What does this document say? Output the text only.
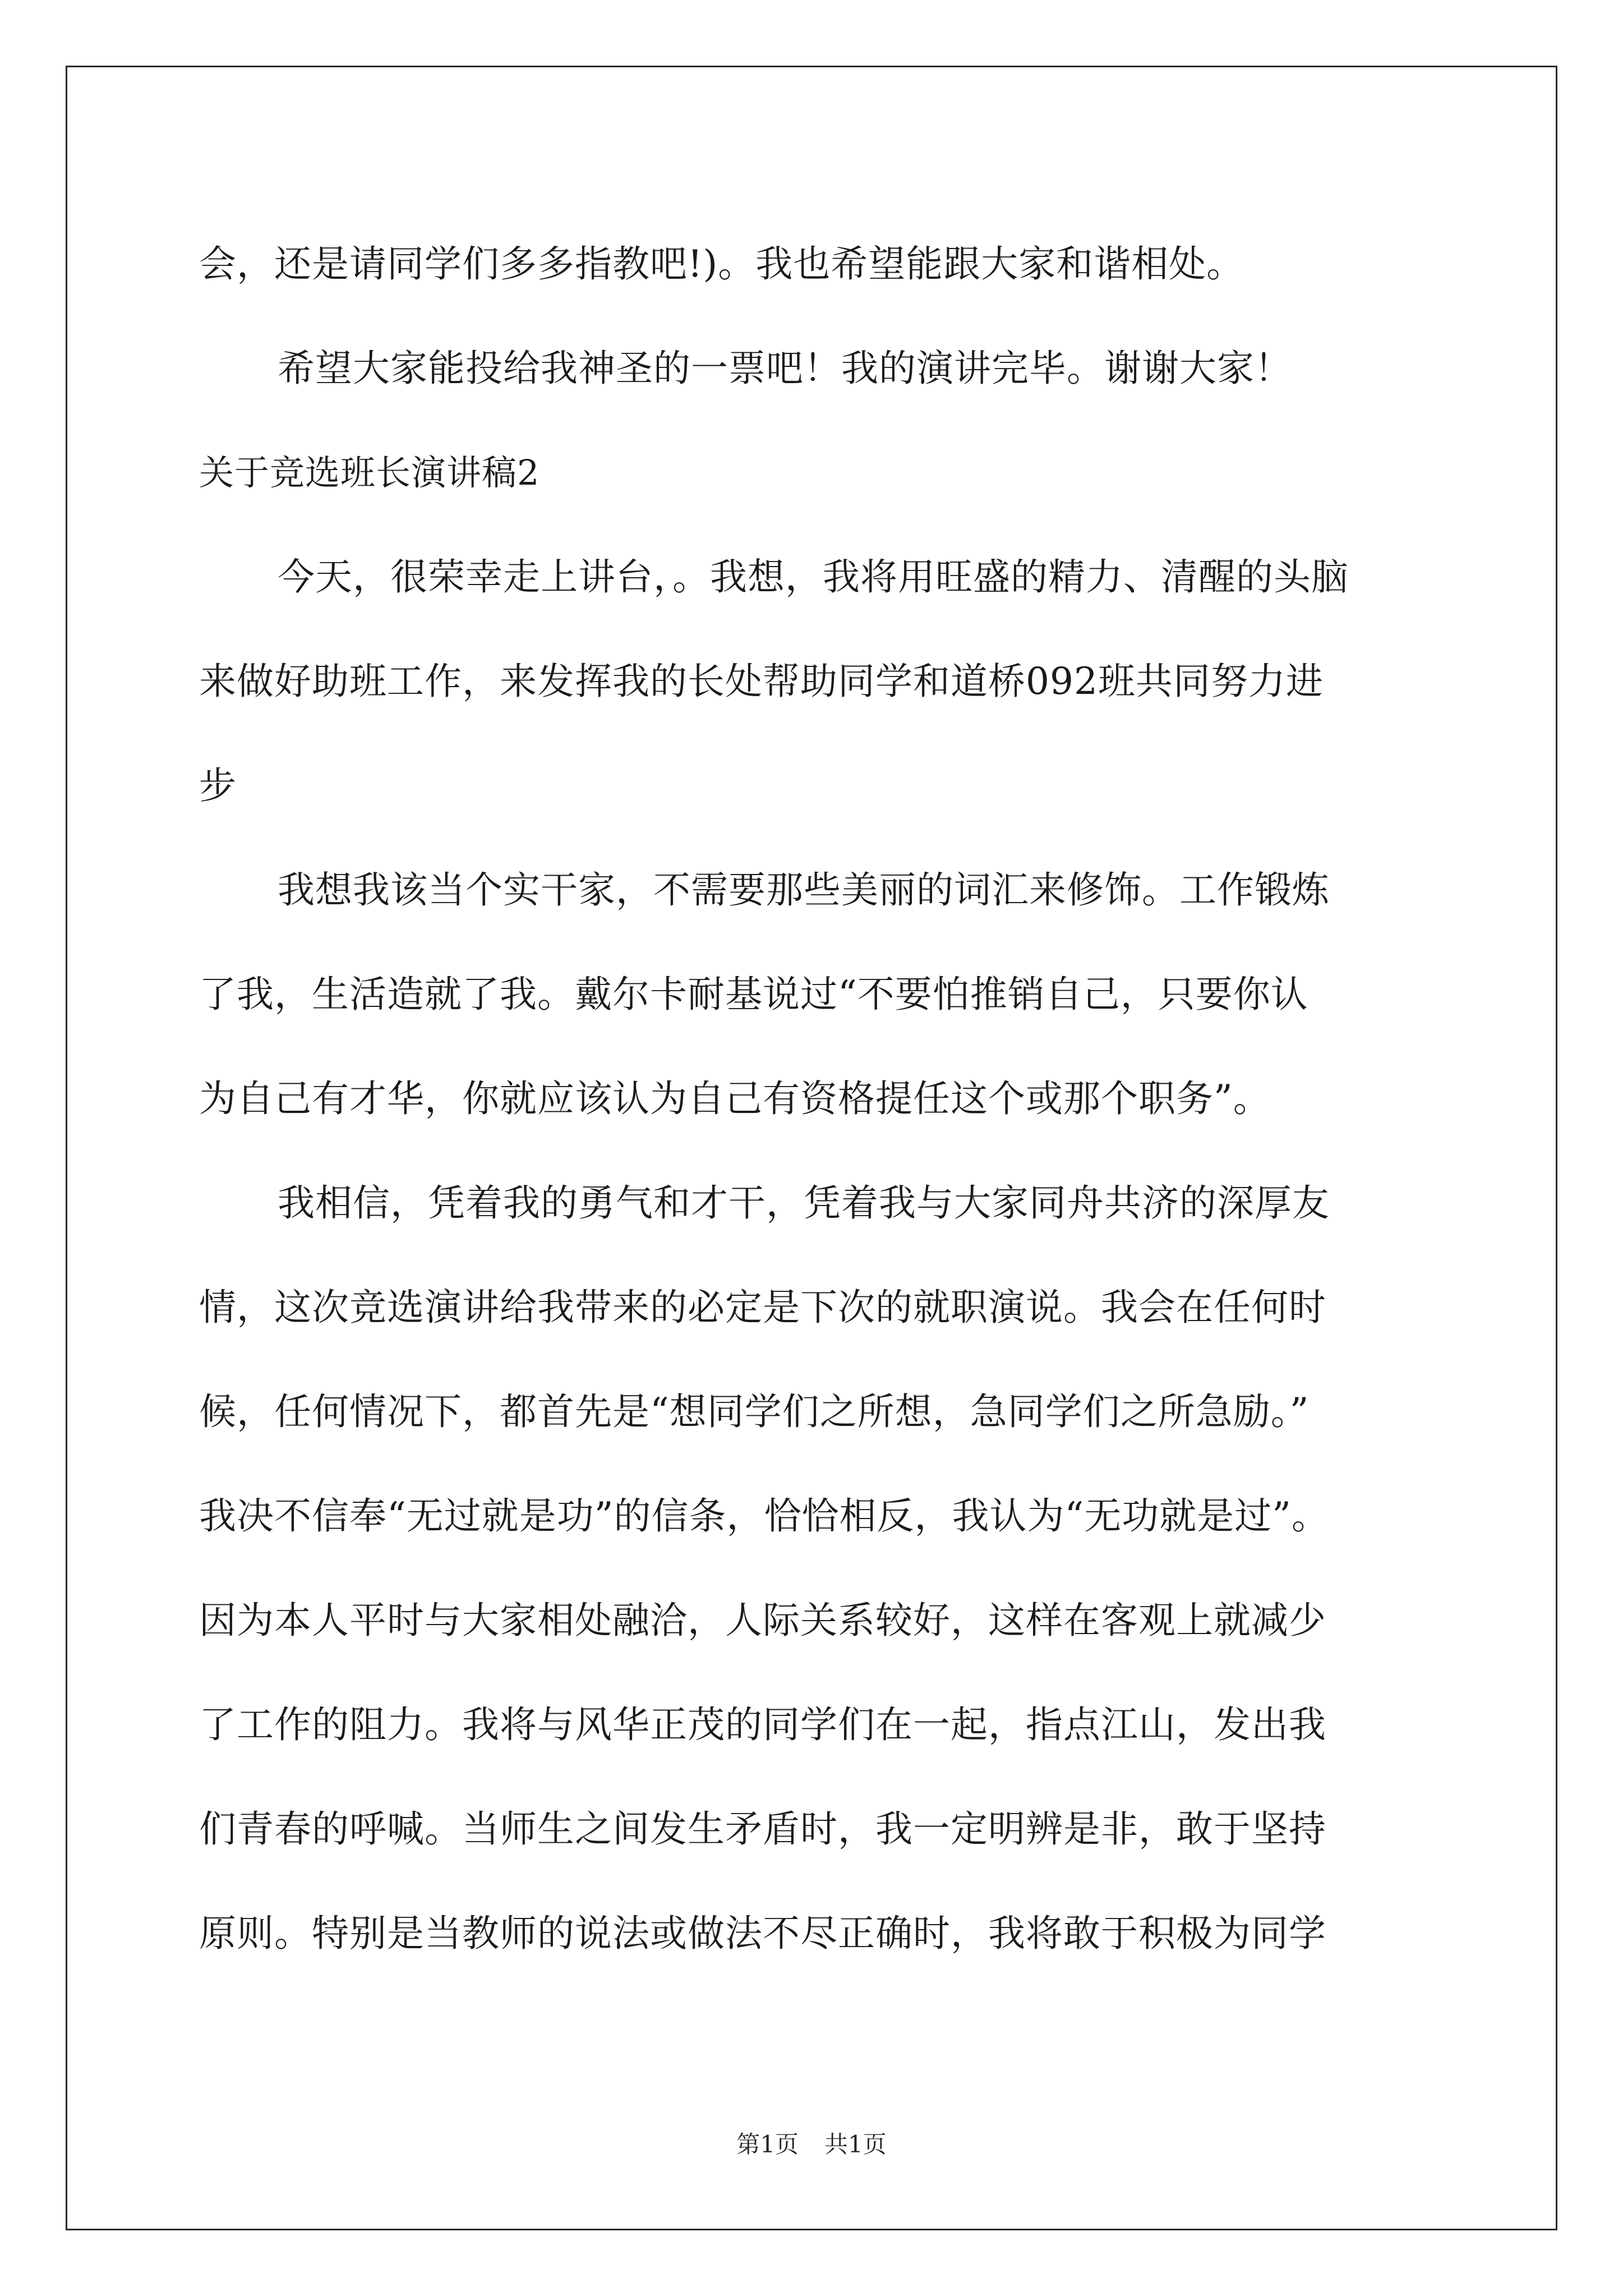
会，还是请同学们多多指教吧!)。我也希望能跟大家和谐相处。
希望大家能投给我神圣的一票吧！我的演讲完毕。谢谢大家！
关于竞选班长演讲稿2
今天，很荣幸走上讲台，。我想，我将用旺盛的精力、清醒的头脑
来做好助班工作，来发挥我的长处帮助同学和道桥092班共同努力进
步
我想我该当个实干家，不需要那些美丽的词汇来修饰。工作锻炼
了我，生活造就了我。戴尔卡耐基说过“不要怕推销自己，只要你认
为自己有才华，你就应该认为自己有资格提任这个或那个职务”。
我相信，凭着我的勇气和才干，凭着我与大家同舟共济的深厚友
情，这次竞选演讲给我带来的必定是下次的就职演说。我会在任何时
候，任何情况下，都首先是“想同学们之所想，急同学们之所急励。”
我决不信奉“无过就是功”的信条，恰恰相反，我认为“无功就是过”。
因为本人平时与大家相处融洽，人际关系较好，这样在客观上就减少
了工作的阻力。我将与风华正茂的同学们在一起，指点江山，发出我
们青春的呼喊。当师生之间发生矛盾时，我一定明辨是非，敢于坚持
原则。特别是当教师的说法或做法不尽正确时，我将敢于积极为同学
第1页 共1页
